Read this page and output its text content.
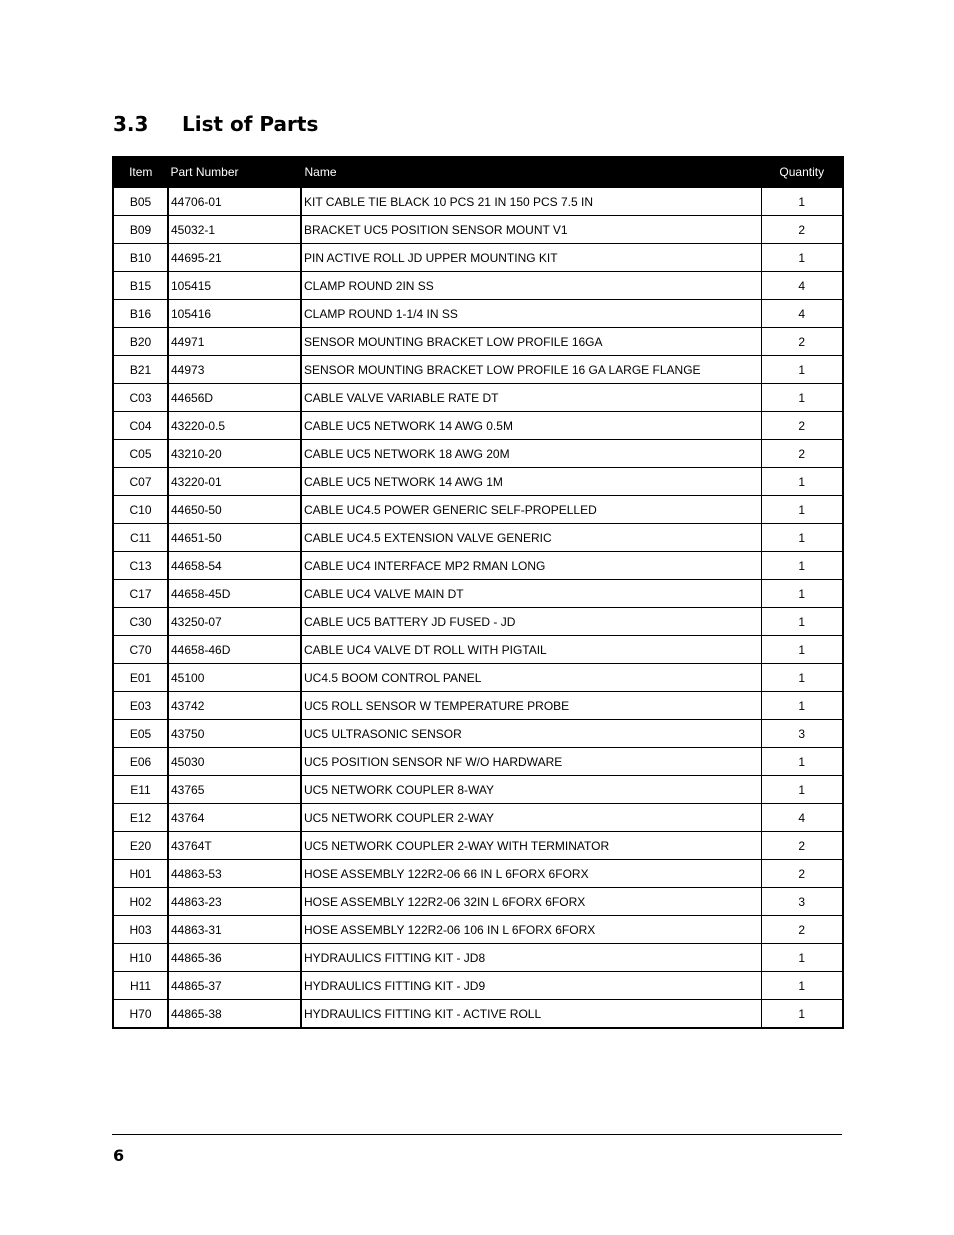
3.3 List of Parts
Item	Part Number	Name	Quantity
B05	44706-01	KIT CABLE TIE BLACK 10 PCS 21 IN 150 PCS 7.5 IN	1
B09	45032-1	BRACKET UC5 POSITION SENSOR MOUNT V1	2
B10	44695-21	PIN ACTIVE ROLL JD UPPER MOUNTING KIT	1
B15	105415	CLAMP ROUND 2IN SS	4
B16	105416	CLAMP ROUND 1-1/4 IN SS	4
B20	44971	SENSOR MOUNTING BRACKET LOW PROFILE 16GA	2
B21	44973	SENSOR MOUNTING BRACKET LOW PROFILE 16 GA LARGE FLANGE	1
C03	44656D	CABLE VALVE VARIABLE RATE DT	1
C04	43220-0.5	CABLE UC5 NETWORK 14 AWG 0.5M	2
C05	43210-20	CABLE UC5 NETWORK 18 AWG 20M	2
C07	43220-01	CABLE UC5 NETWORK 14 AWG 1M	1
C10	44650-50	CABLE UC4.5 POWER GENERIC SELF-PROPELLED	1
C11	44651-50	CABLE UC4.5 EXTENSION VALVE GENERIC	1
C13	44658-54	CABLE UC4 INTERFACE MP2 RMAN LONG	1
C17	44658-45D	CABLE UC4 VALVE MAIN DT	1
C30	43250-07	CABLE UC5 BATTERY JD FUSED - JD	1
C70	44658-46D	CABLE UC4 VALVE DT ROLL WITH PIGTAIL	1
E01	45100	UC4.5 BOOM CONTROL PANEL	1
E03	43742	UC5 ROLL SENSOR W TEMPERATURE PROBE	1
E05	43750	UC5 ULTRASONIC SENSOR	3
E06	45030	UC5 POSITION SENSOR NF W/O HARDWARE	1
E11	43765	UC5 NETWORK COUPLER 8-WAY	1
E12	43764	UC5 NETWORK COUPLER 2-WAY	4
E20	43764T	UC5 NETWORK COUPLER 2-WAY WITH TERMINATOR	2
H01	44863-53	HOSE ASSEMBLY 122R2-06 66 IN L 6FORX 6FORX	2
H02	44863-23	HOSE ASSEMBLY 122R2-06 32IN L 6FORX 6FORX	3
H03	44863-31	HOSE ASSEMBLY 122R2-06 106 IN L 6FORX 6FORX	2
H10	44865-36	HYDRAULICS FITTING KIT - JD8	1
H11	44865-37	HYDRAULICS FITTING KIT - JD9	1
H70	44865-38	HYDRAULICS FITTING KIT - ACTIVE ROLL	1
6
